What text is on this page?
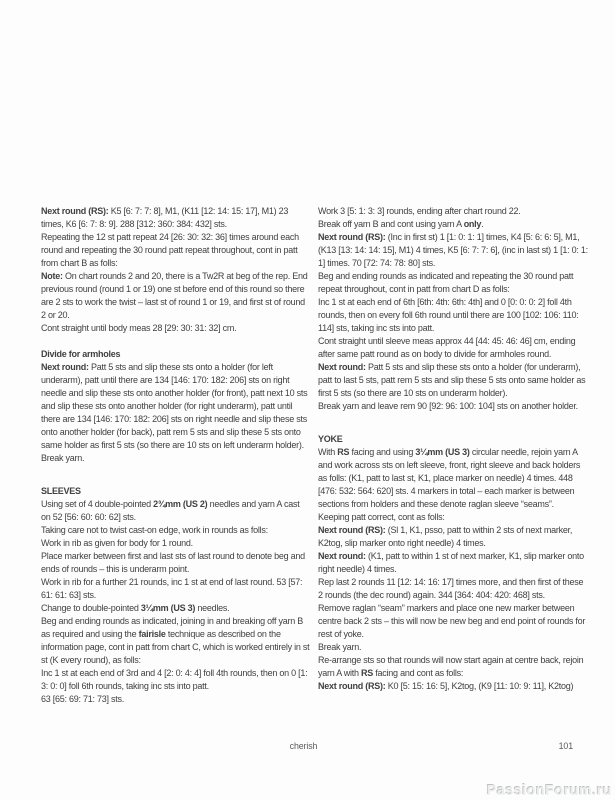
Next round (RS): K5 [6: 7: 7: 8], M1, (K11 [12: 14: 15: 17], M1) 23 times, K6 [6: 7: 8: 9]. 288 [312: 360: 384: 432] sts.

Repeating the 12 st patt repeat 24 [26: 30: 32: 36] times around each round and repeating the 30 round patt repeat throughout, cont in patt from chart B as folls:

Note: On chart rounds 2 and 20, there is a Tw2R at beg of the rep. End previous round (round 1 or 19) one st before end of this round so there are 2 sts to work the twist – last st of round 1 or 19, and first st of round 2 or 20.

Cont straight until body meas 28 [29: 30: 31: 32] cm.

Divide for armholes

Next round: Patt 5 sts and slip these sts onto a holder (for left underarm), patt until there are 134 [146: 170: 182: 206] sts on right needle and slip these sts onto another holder (for front), patt next 10 sts and slip these sts onto another holder (for right underarm), patt until there are 134 [146: 170: 182: 206] sts on right needle and slip these sts onto another holder (for back), patt rem 5 sts and slip these 5 sts onto same holder as first 5 sts (so there are 10 sts on left underarm holder).

Break yarn.

SLEEVES

Using set of 4 double-pointed 2¾mm (US 2) needles and yarn A cast on 52 [56: 60: 60: 62] sts.

Taking care not to twist cast-on edge, work in rounds as folls:

Work in rib as given for body for 1 round.

Place marker between first and last sts of last round to denote beg and ends of rounds – this is underarm point.

Work in rib for a further 21 rounds, inc 1 st at end of last round. 53 [57: 61: 61: 63] sts.

Change to double-pointed 3¼mm (US 3) needles.

Beg and ending rounds as indicated, joining in and breaking off yarn B as required and using the fairisle technique as described on the information page, cont in patt from chart C, which is worked entirely in st st (K every round), as folls:

Inc 1 st at each end of 3rd and 4 [2: 0: 4: 4] foll 4th rounds, then on 0 [1: 3: 0: 0] foll 6th rounds, taking inc sts into patt.

63 [65: 69: 71: 73] sts.

Work 3 [5: 1: 3: 3] rounds, ending after chart round 22.

Break off yarn B and cont using yarn A only.

Next round (RS): (Inc in first st) 1 [1: 0: 1: 1] times, K4 [5: 6: 6: 5], M1, (K13 [13: 14: 14: 15], M1) 4 times, K5 [6: 7: 7: 6], (inc in last st) 1 [1: 0: 1: 1] times. 70 [72: 74: 78: 80] sts.

Beg and ending rounds as indicated and repeating the 30 round patt repeat throughout, cont in patt from chart D as folls:

Inc 1 st at each end of 6th [6th: 4th: 6th: 4th] and 0 [0: 0: 0: 2] foll 4th rounds, then on every foll 6th round until there are 100 [102: 106: 110: 114] sts, taking inc sts into patt.

Cont straight until sleeve meas approx 44 [44: 45: 46: 46] cm, ending after same patt round as on body to divide for armholes round.

Next round: Patt 5 sts and slip these sts onto a holder (for underarm), patt to last 5 sts, patt rem 5 sts and slip these 5 sts onto same holder as first 5 sts (so there are 10 sts on underarm holder).

Break yarn and leave rem 90 [92: 96: 100: 104] sts on another holder.

YOKE

With RS facing and using 3¼mm (US 3) circular needle, rejoin yarn A and work across sts on left sleeve, front, right sleeve and back holders as folls: (K1, patt to last st, K1, place marker on needle) 4 times. 448 [476: 532: 564: 620] sts. 4 markers in total – each marker is between sections from holders and these denote raglan sleeve “seams”.

Keeping patt correct, cont as folls:

Next round (RS): (Sl 1, K1, psso, patt to within 2 sts of next marker, K2tog, slip marker onto right needle) 4 times.

Next round: (K1, patt to within 1 st of next marker, K1, slip marker onto right needle) 4 times.

Rep last 2 rounds 11 [12: 14: 16: 17] times more, and then first of these 2 rounds (the dec round) again. 344 [364: 404: 420: 468] sts.

Remove raglan “seam” markers and place one new marker between centre back 2 sts – this will now be new beg and end point of rounds for rest of yoke.

Break yarn.

Re-arrange sts so that rounds will now start again at centre back, rejoin yarn A with RS facing and cont as folls:

Next round (RS): K0 [5: 15: 16: 5], K2tog, (K9 [11: 10: 9: 11], K2tog)

cherish	101
PassionForum.ru
